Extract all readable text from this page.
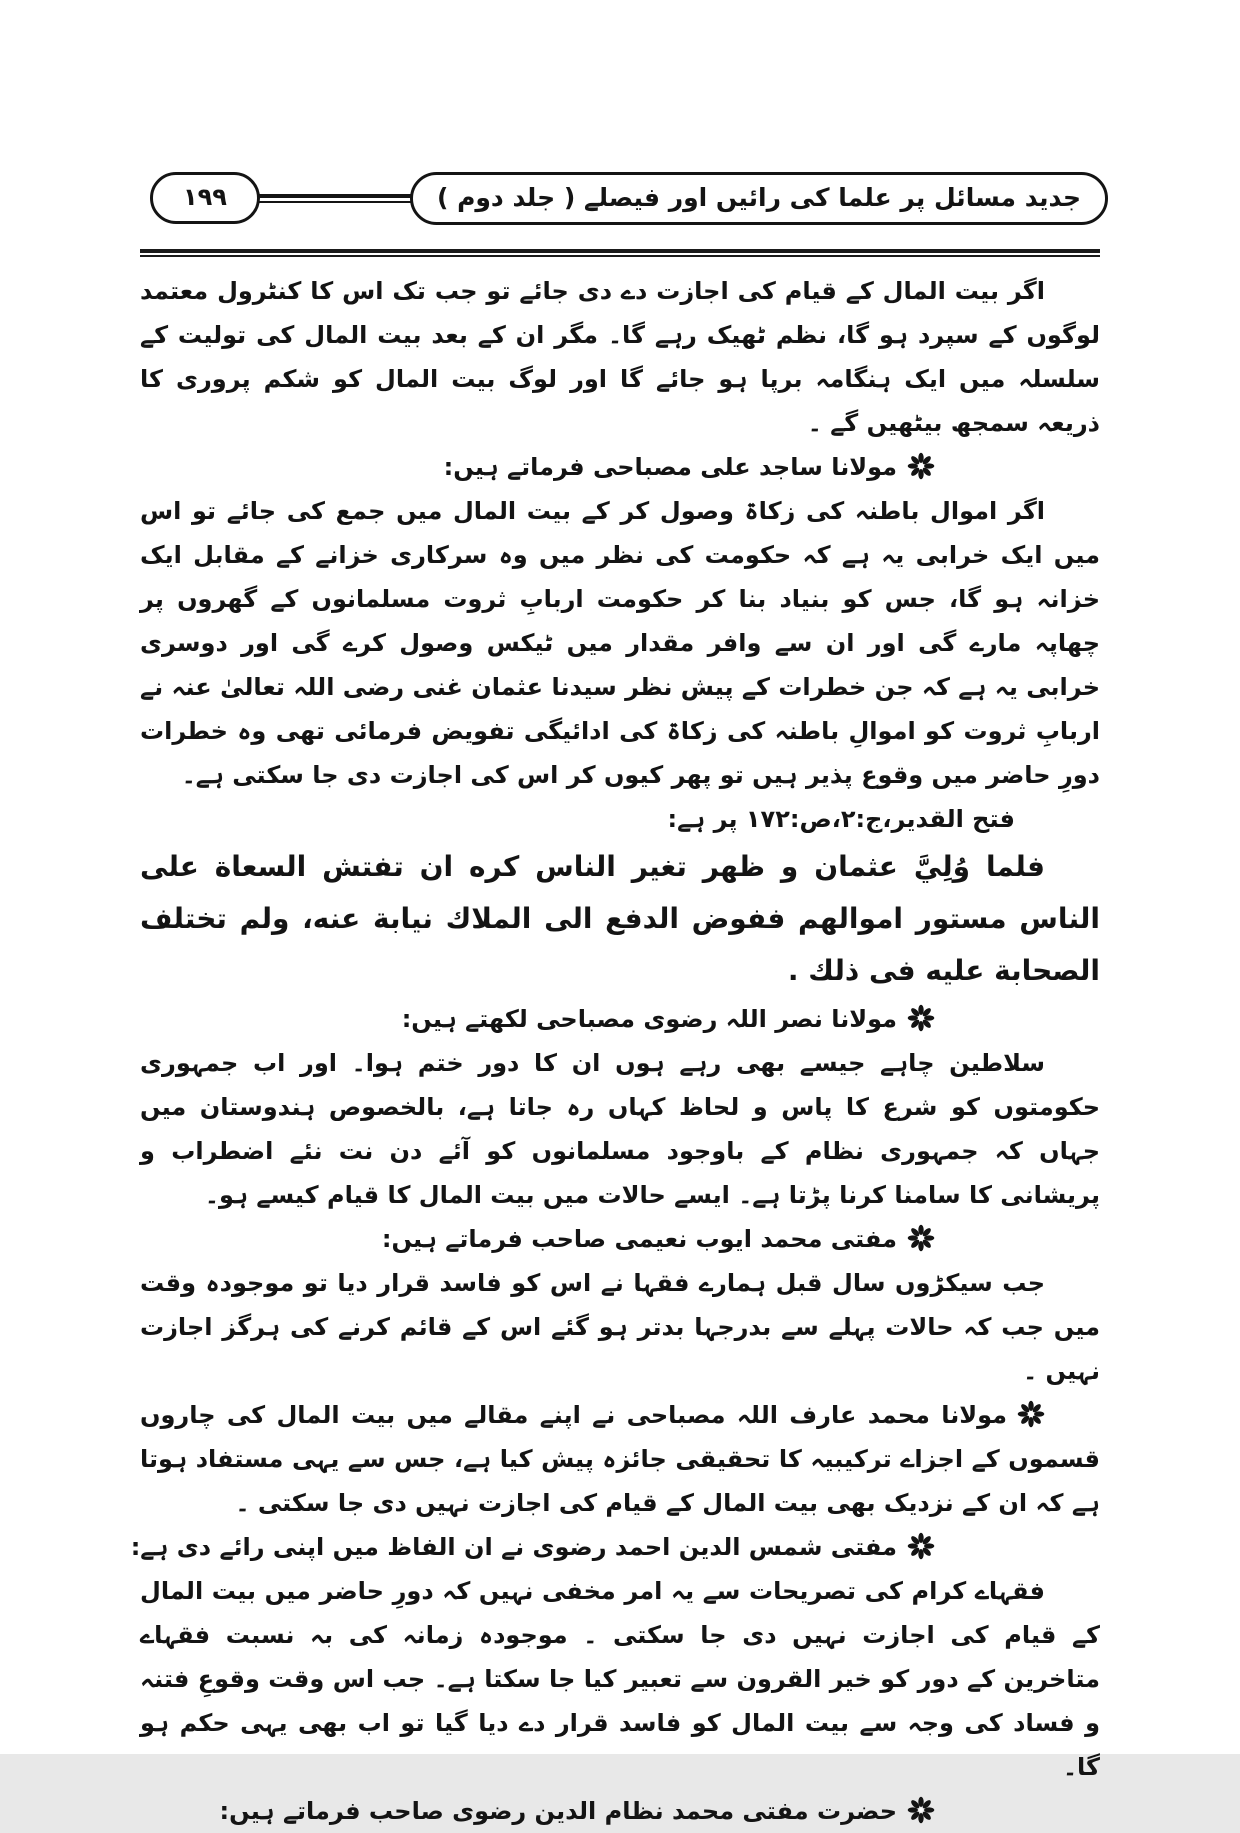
جدید مسائل پر علما کی رائیں اور فیصلے ( جلد دوم )
۱۹۹

اگر بیت المال کے قیام کی اجازت دے دی جائے تو جب تک اس کا کنٹرول معتمد لوگوں کے سپرد ہو گا، نظم ٹھیک رہے گا۔ مگر ان کے بعد بیت المال کی تولیت کے سلسلہ میں ایک ہنگامہ برپا ہو جائے گا اور لوگ بیت المال کو شکم پروری کا ذریعہ سمجھ بیٹھیں گے ۔

مولانا ساجد علی مصباحی فرماتے ہیں:

اگر اموال باطنہ کی زکاۃ وصول کر کے بیت المال میں جمع کی جائے تو اس میں ایک خرابی یہ ہے کہ حکومت کی نظر میں وہ سرکاری خزانے کے مقابل ایک خزانہ ہو گا، جس کو بنیاد بنا کر حکومت اربابِ ثروت مسلمانوں کے گھروں پر چھاپہ مارے گی اور ان سے وافر مقدار میں ٹیکس وصول کرے گی اور دوسری خرابی یہ ہے کہ جن خطرات کے پیش نظر سیدنا عثمان غنی رضی اللہ تعالیٰ عنہ نے اربابِ ثروت کو اموالِ باطنہ کی زکاۃ کی ادائیگی تفویض فرمائی تھی وہ خطرات دورِ حاضر میں وقوع پذیر ہیں تو پھر کیوں کر اس کی اجازت دی جا سکتی ہے۔

فتح القدیر،ج:۲،ص:۱۷۲ پر ہے:

فلما وُلِيَّ عثمان و ظهر تغير الناس كره ان تفتش السعاة على الناس مستور اموالهم ففوض الدفع الى الملاك نيابة عنه، ولم تختلف الصحابة عليه فى ذلك .

مولانا نصر اللہ رضوی مصباحی لکھتے ہیں:

سلاطین چاہے جیسے بھی رہے ہوں ان کا دور ختم ہوا۔ اور اب جمہوری حکومتوں کو شرع کا پاس و لحاظ کہاں رہ جاتا ہے، بالخصوص ہندوستان میں جہاں کہ جمہوری نظام کے باوجود مسلمانوں کو آئے دن نت نئے اضطراب و پریشانی کا سامنا کرنا پڑتا ہے۔ ایسے حالات میں بیت المال کا قیام کیسے ہو۔

مفتی محمد ایوب نعیمی صاحب فرماتے ہیں:

جب سیکڑوں سال قبل ہمارے فقہا نے اس کو فاسد قرار دیا تو موجودہ وقت میں جب کہ حالات پہلے سے بدرجہا بدتر ہو گئے اس کے قائم کرنے کی ہرگز اجازت نہیں ۔

مولانا محمد عارف اللہ مصباحی نے اپنے مقالے میں بیت المال کی چاروں قسموں کے اجزاے ترکیبیہ کا تحقیقی جائزہ پیش کیا ہے، جس سے یہی مستفاد ہوتا ہے کہ ان کے نزدیک بھی بیت المال کے قیام کی اجازت نہیں دی جا سکتی ۔

مفتی شمس الدین احمد رضوی نے ان الفاظ میں اپنی رائے دی ہے:

فقہاے کرام کی تصریحات سے یہ امر مخفی نہیں کہ دورِ حاضر میں بیت المال کے قیام کی اجازت نہیں دی جا سکتی ۔ موجودہ زمانہ کی بہ نسبت فقہاے متاخرین کے دور کو خیر القرون سے تعبیر کیا جا سکتا ہے۔ جب اس وقت وقوعِ فتنہ و فساد کی وجہ سے بیت المال کو فاسد قرار دے دیا گیا تو اب بھی یہی حکم ہو گا۔

حضرت مفتی محمد نظام الدین رضوی صاحب فرماتے ہیں:
